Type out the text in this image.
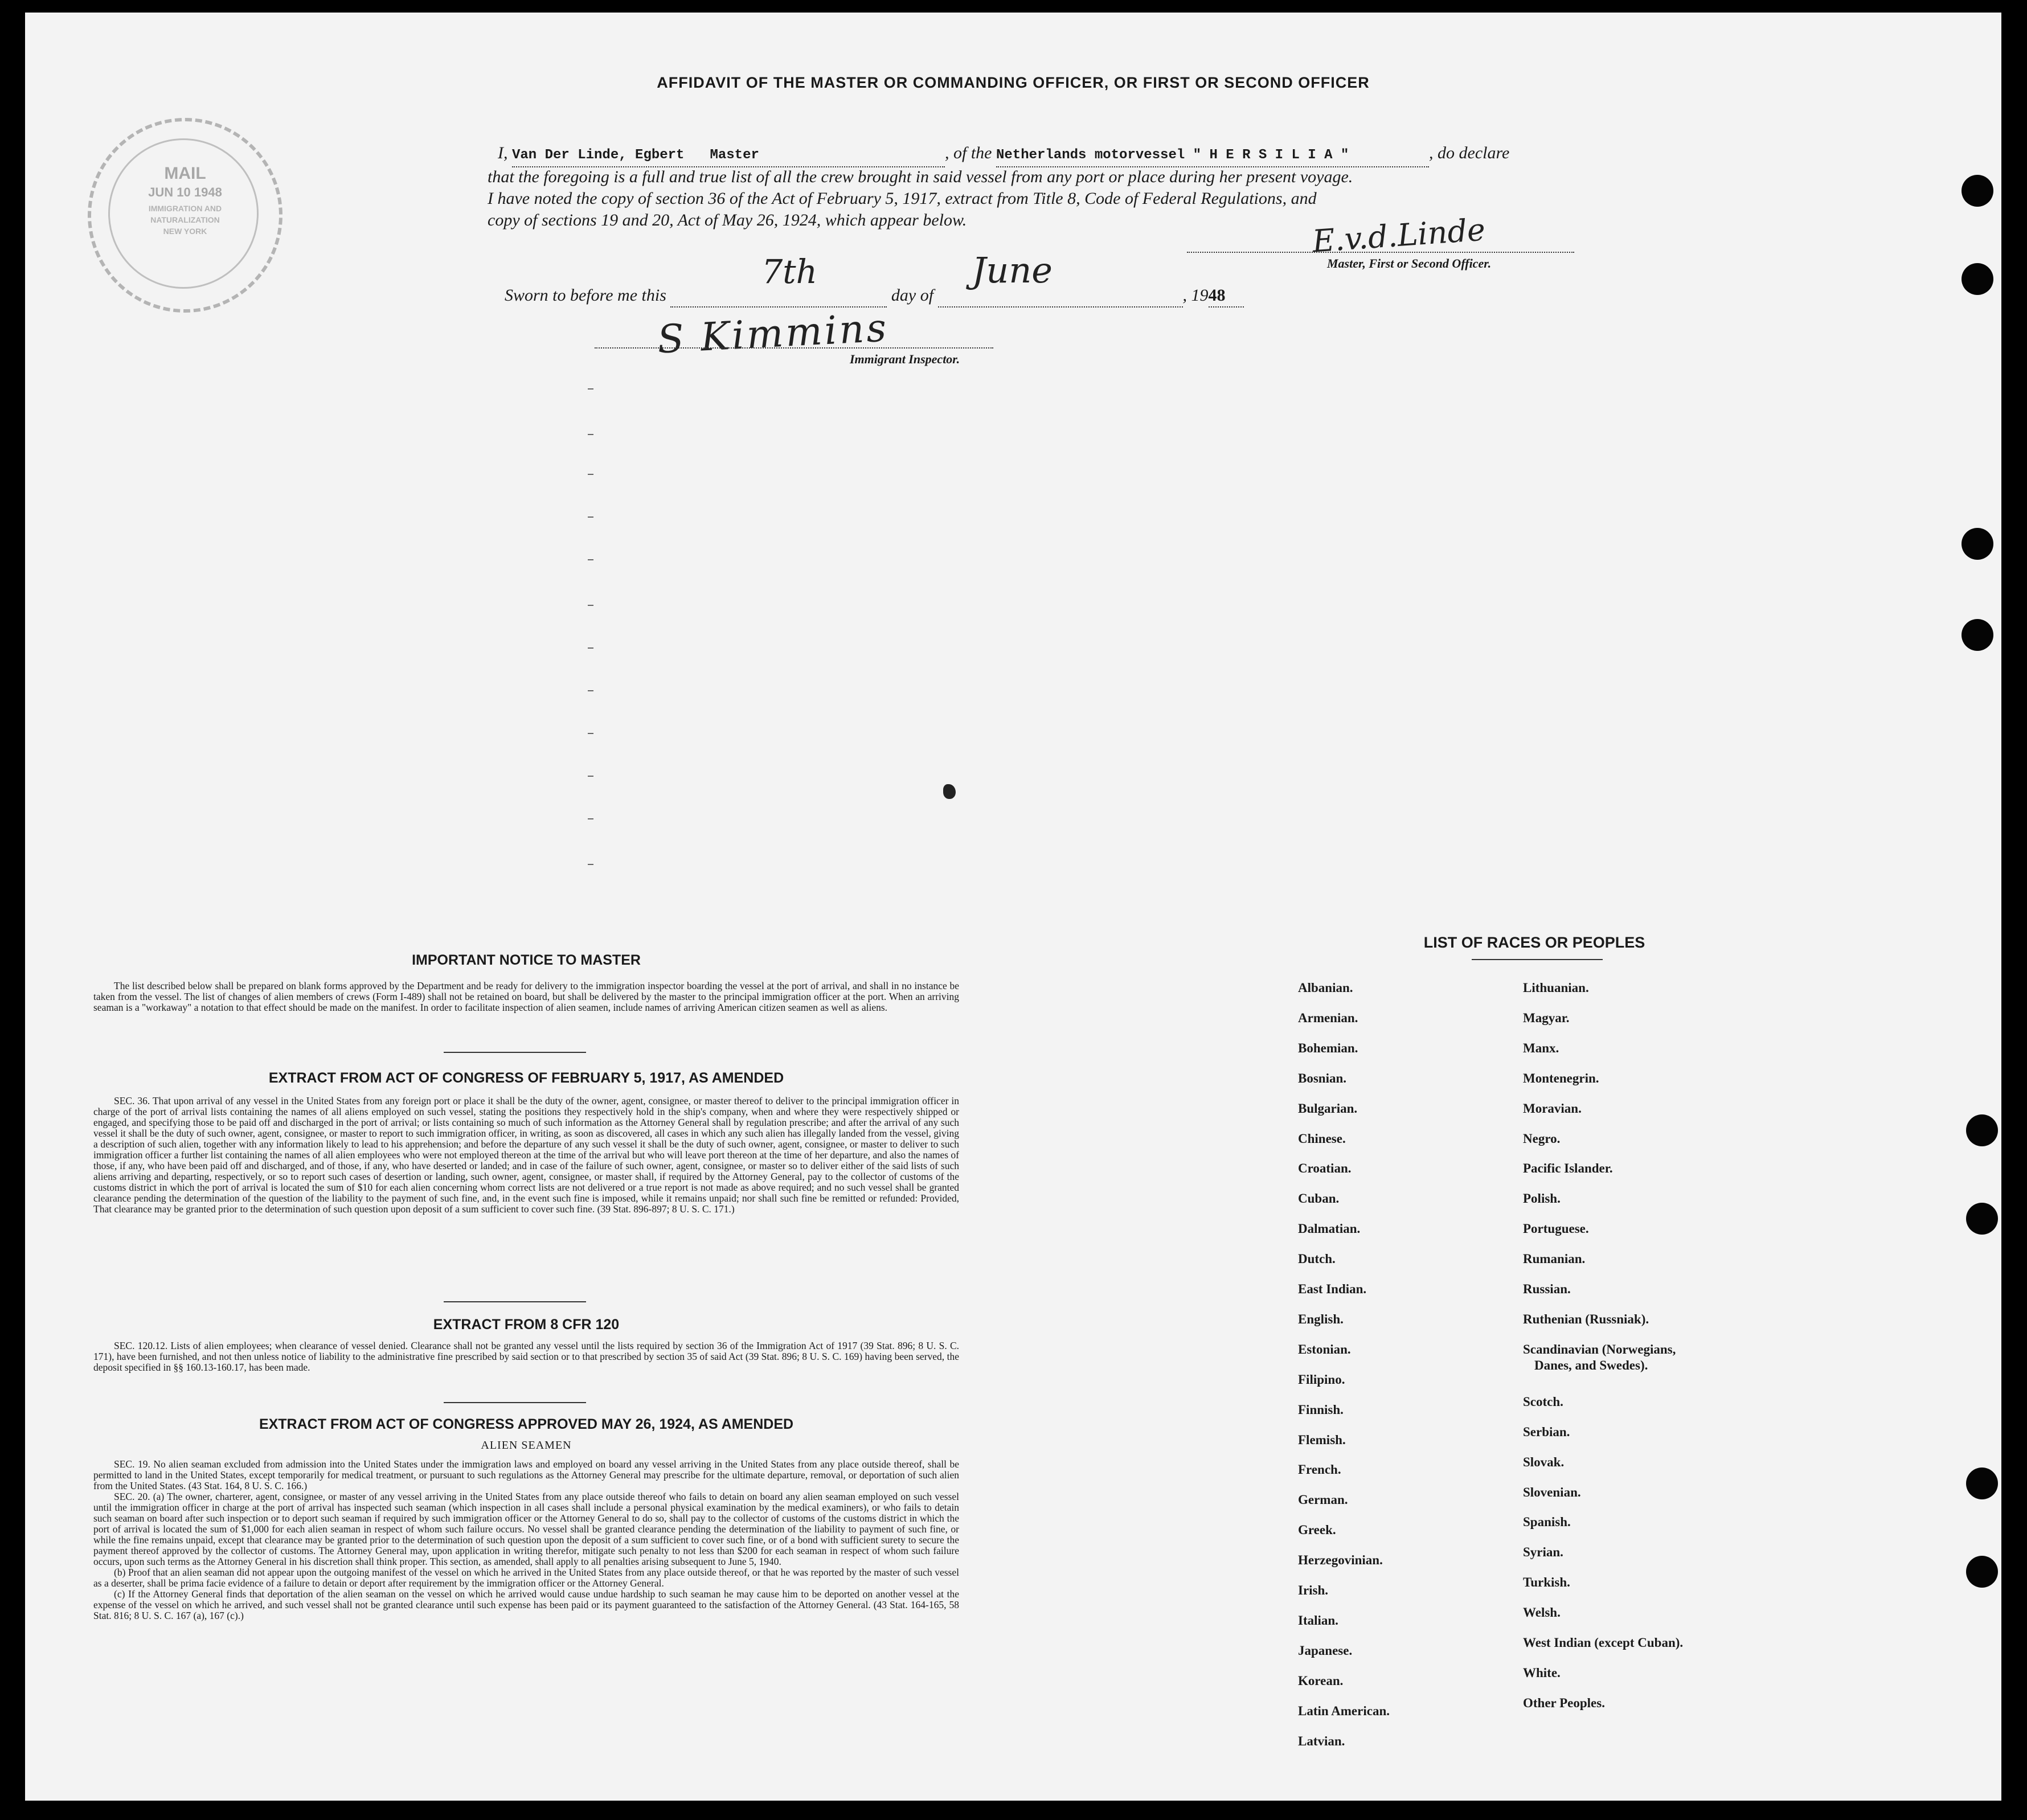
AFFIDAVIT OF THE MASTER OR COMMANDING OFFICER, OR FIRST OR SECOND OFFICER
MAIL
JUN 10 1948
IMMIGRATION AND
NATURALIZATION
NEW YORK
I, Van Der Linde, Egbert Master	, of the Netherlands motorvessel " H E R S I L I A "	, do declare
that the foregoing is a full and true list of all the crew brought in said vessel from any port or place during her present voyage.
I have noted the copy of section 36 of the Act of February 5, 1917, extract from Title 8, Code of Federal Regulations, and
copy of sections 19 and 20, Act of May 26, 1924, which appear below.	E.v.d.Linde
Master, First or Second Officer.
Sworn to before me this
7th
day of
June
, 1948
S Kimmins
Immigrant Inspector.
IMPORTANT NOTICE TO MASTER

The list described below shall be prepared on blank forms approved by the Department and be ready for delivery to the immigration inspector boarding the vessel at the port of arrival, and shall in no instance be taken from the vessel. The list of changes of alien members of crews (Form I-489) shall not be retained on board, but shall be delivered by the master to the principal immigration officer at the port. When an arriving seaman is a "workaway" a notation to that effect should be made on the manifest. In order to facilitate inspection of alien seamen, include names of arriving American citizen seamen as well as aliens.

EXTRACT FROM ACT OF CONGRESS OF FEBRUARY 5, 1917, AS AMENDED

SEC. 36. That upon arrival of any vessel in the United States from any foreign port or place it shall be the duty of the owner, agent, consignee, or master thereof to deliver to the principal immigration officer in charge of the port of arrival lists containing the names of all aliens employed on such vessel, stating the positions they respectively hold in the ship's company, when and where they were respectively shipped or engaged, and specifying those to be paid off and discharged in the port of arrival; or lists containing so much of such information as the Attorney General shall by regulation prescribe; and after the arrival of any such vessel it shall be the duty of such owner, agent, consignee, or master to report to such immigration officer, in writing, as soon as discovered, all cases in which any such alien has illegally landed from the vessel, giving a description of such alien, together with any information likely to lead to his apprehension; and before the departure of any such vessel it shall be the duty of such owner, agent, consignee, or master to deliver to such immigration officer a further list containing the names of all alien employees who were not employed thereon at the time of the arrival but who will leave port thereon at the time of her departure, and also the names of those, if any, who have been paid off and discharged, and of those, if any, who have deserted or landed; and in case of the failure of such owner, agent, consignee, or master so to deliver either of the said lists of such aliens arriving and departing, respectively, or so to report such cases of desertion or landing, such owner, agent, consignee, or master shall, if required by the Attorney General, pay to the collector of customs of the customs district in which the port of arrival is located the sum of $10 for each alien concerning whom correct lists are not delivered or a true report is not made as above required; and no such vessel shall be granted clearance pending the determination of the question of the liability to the payment of such fine, and, in the event such fine is imposed, while it remains unpaid; nor shall such fine be remitted or refunded: Provided, That clearance may be granted prior to the determination of such question upon deposit of a sum sufficient to cover such fine. (39 Stat. 896-897; 8 U. S. C. 171.)

EXTRACT FROM 8 CFR 120

SEC. 120.12. Lists of alien employees; when clearance of vessel denied. Clearance shall not be granted any vessel until the lists required by section 36 of the Immigration Act of 1917 (39 Stat. 896; 8 U. S. C. 171), have been furnished, and not then unless notice of liability to the administrative fine prescribed by said section or to that prescribed by section 35 of said Act (39 Stat. 896; 8 U. S. C. 169) having been served, the deposit specified in §§ 160.13-160.17, has been made.

EXTRACT FROM ACT OF CONGRESS APPROVED MAY 26, 1924, AS AMENDED
ALIEN SEAMEN

SEC. 19. No alien seaman excluded from admission into the United States under the immigration laws and employed on board any vessel arriving in the United States from any place outside thereof, shall be permitted to land in the United States, except temporarily for medical treatment, or pursuant to such regulations as the Attorney General may prescribe for the ultimate departure, removal, or deportation of such alien from the United States. (43 Stat. 164, 8 U. S. C. 166.)

SEC. 20. (a) The owner, charterer, agent, consignee, or master of any vessel arriving in the United States from any place outside thereof who fails to detain on board any alien seaman employed on such vessel until the immigration officer in charge at the port of arrival has inspected such seaman (which inspection in all cases shall include a personal physical examination by the medical examiners), or who fails to detain such seaman on board after such inspection or to deport such seaman if required by such immigration officer or the Attorney General to do so, shall pay to the collector of customs of the customs district in which the port of arrival is located the sum of $1,000 for each alien seaman in respect of whom such failure occurs. No vessel shall be granted clearance pending the determination of the liability to payment of such fine, or while the fine remains unpaid, except that clearance may be granted prior to the determination of such question upon the deposit of a sum sufficient to cover such fine, or of a bond with sufficient surety to secure the payment thereof approved by the collector of customs. The Attorney General may, upon application in writing therefor, mitigate such penalty to not less than $200 for each seaman in respect of whom such failure occurs, upon such terms as the Attorney General in his discretion shall think proper. This section, as amended, shall apply to all penalties arising subsequent to June 5, 1940.

(b) Proof that an alien seaman did not appear upon the outgoing manifest of the vessel on which he arrived in the United States from any place outside thereof, or that he was reported by the master of such vessel as a deserter, shall be prima facie evidence of a failure to detain or deport after requirement by the immigration officer or the Attorney General.

(c) If the Attorney General finds that deportation of the alien seaman on the vessel on which he arrived would cause undue hardship to such seaman he may cause him to be deported on another vessel at the expense of the vessel on which he arrived, and such vessel shall not be granted clearance until such expense has been paid or its payment guaranteed to the satisfaction of the Attorney General. (43 Stat. 164-165, 58 Stat. 816; 8 U. S. C. 167 (a), 167 (c).)

LIST OF RACES OR PEOPLES
Albanian.
Armenian.
Bohemian.
Bosnian.
Bulgarian.
Chinese.
Croatian.
Cuban.
Dalmatian.
Dutch.
East Indian.
English.
Estonian.
Filipino.
Finnish.
Flemish.
French.
German.
Greek.
Herzegovinian.
Irish.
Italian.
Japanese.
Korean.
Latin American.
Latvian.
Lithuanian.
Magyar.
Manx.
Montenegrin.
Moravian.
Negro.
Pacific Islander.
Polish.
Portuguese.
Rumanian.
Russian.
Ruthenian (Russniak).
Scandinavian (Norwegians,
Danes, and Swedes).
Scotch.
Serbian.
Slovak.
Slovenian.
Spanish.
Syrian.
Turkish.
Welsh.
West Indian (except Cuban).
White.
Other Peoples.
